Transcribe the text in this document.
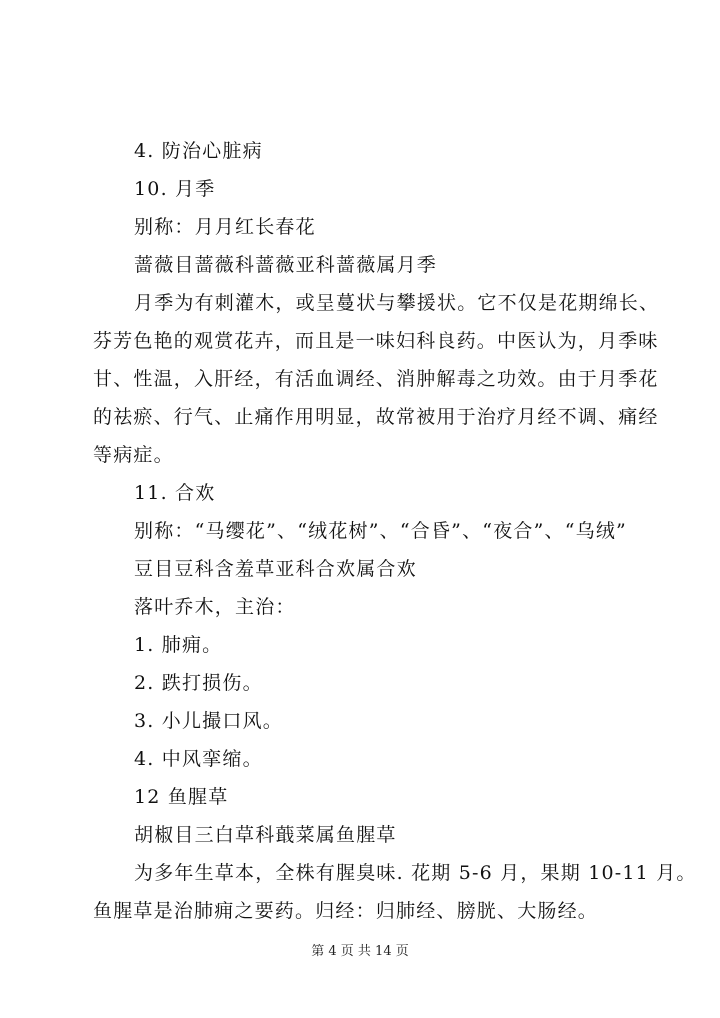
4. 防治心脏病
10. 月季
别称：月月红长春花
蔷薇目蔷薇科蔷薇亚科蔷薇属月季
月季为有刺灌木，或呈蔓状与攀援状。它不仅是花期绵长、
芬芳色艳的观赏花卉，而且是一味妇科良药。中医认为，月季味
甘、性温，入肝经，有活血调经、消肿解毒之功效。由于月季花
的祛瘀、行气、止痛作用明显，故常被用于治疗月经不调、痛经
等病症。
11. 合欢
别称：“马缨花”、“绒花树”、“合昏”、“夜合”、“乌绒”
豆目豆科含羞草亚科合欢属合欢
落叶乔木，主治：
1. 肺痈。
2. 跌打损伤。
3. 小儿撮口风。
4. 中风挛缩。
12 鱼腥草
胡椒目三白草科蕺菜属鱼腥草
为多年生草本，全株有腥臭味. 花期 5-6 月，果期 10-11 月。
鱼腥草是治肺痈之要药。归经：归肺经、膀胱、大肠经。
第 4 页 共 14 页
